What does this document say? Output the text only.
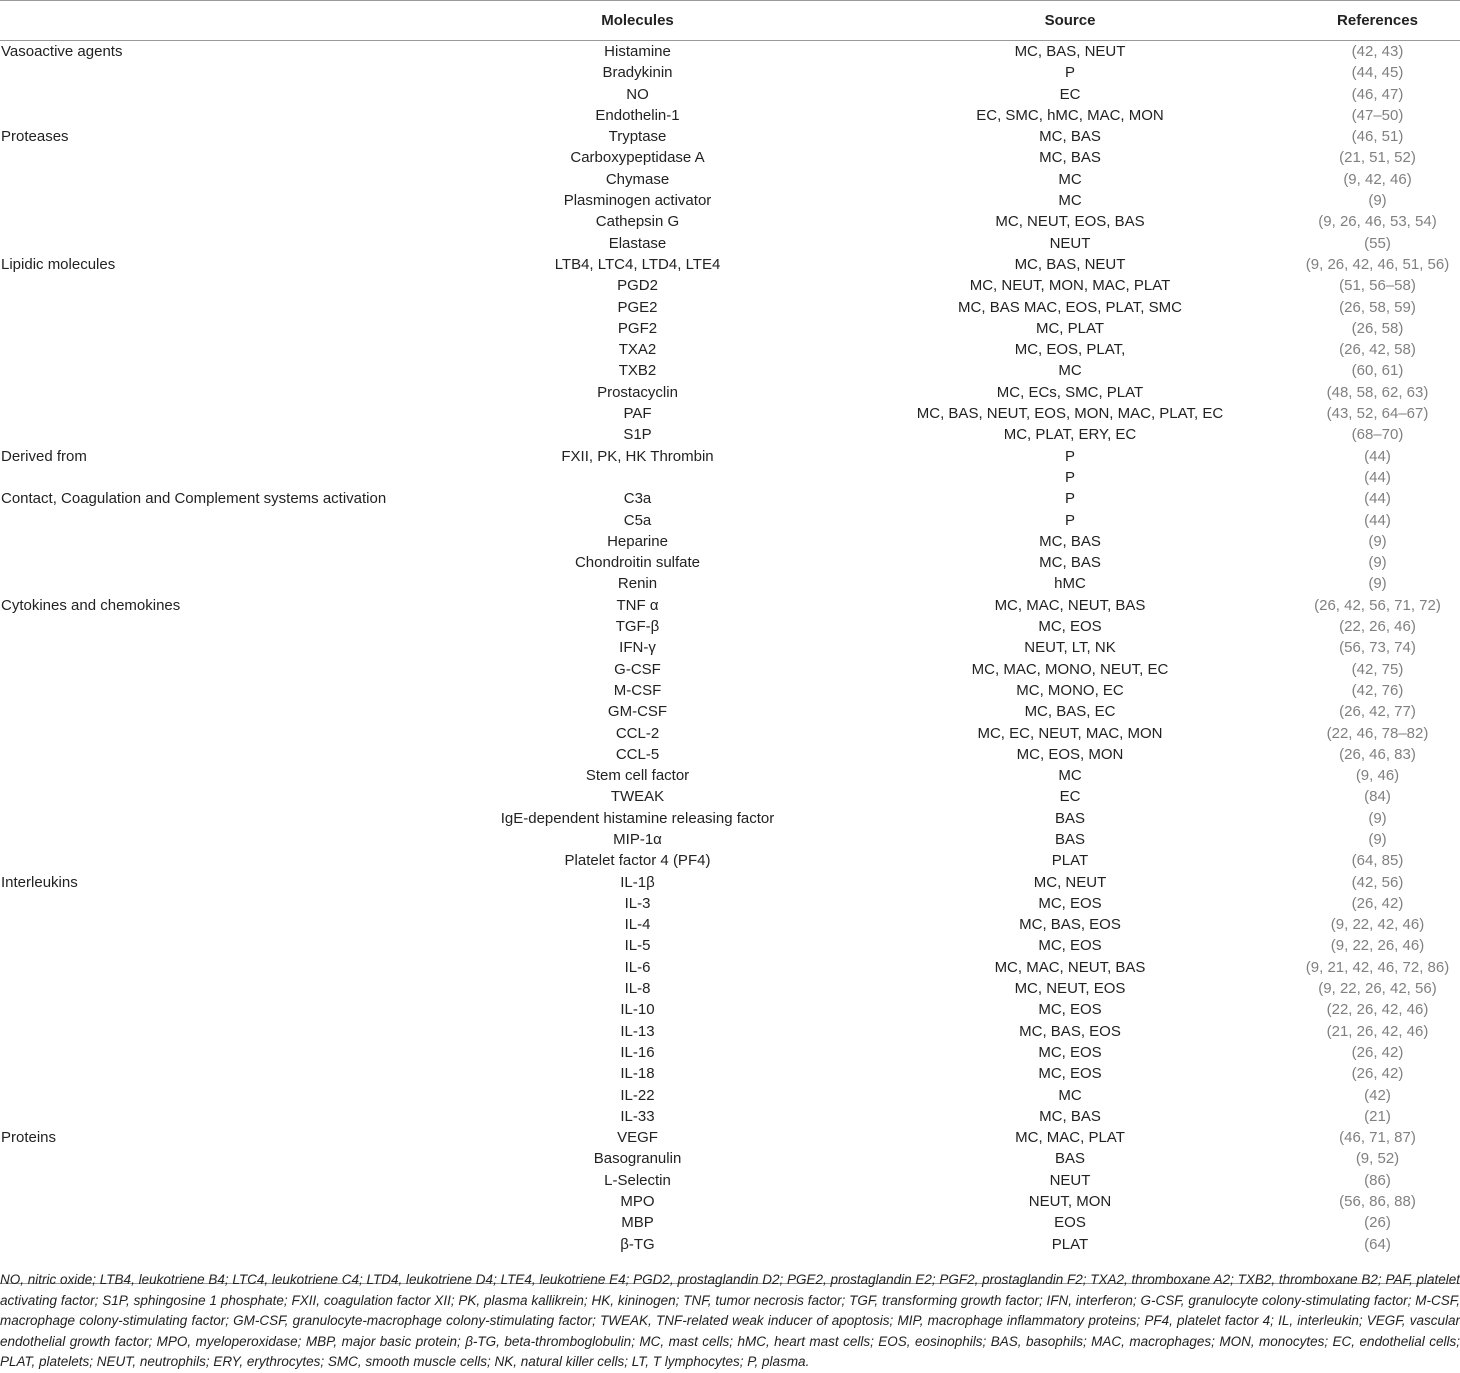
	Molecules	Source	References
Vasoactive agents	Histamine	MC, BAS, NEUT	(42, 43)
	Bradykinin	P	(44, 45)
	NO	EC	(46, 47)
	Endothelin-1	EC, SMC, hMC, MAC, MON	(47–50)
Proteases	Tryptase	MC, BAS	(46, 51)
	Carboxypeptidase A	MC, BAS	(21, 51, 52)
	Chymase	MC	(9, 42, 46)
	Plasminogen activator	MC	(9)
	Cathepsin G	MC, NEUT, EOS, BAS	(9, 26, 46, 53, 54)
	Elastase	NEUT	(55)
Lipidic molecules	LTB4, LTC4, LTD4, LTE4	MC, BAS, NEUT	(9, 26, 42, 46, 51, 56)
	PGD2	MC, NEUT, MON, MAC, PLAT	(51, 56–58)
	PGE2	MC, BAS MAC, EOS, PLAT, SMC	(26, 58, 59)
	PGF2	MC, PLAT	(26, 58)
	TXA2	MC, EOS, PLAT,	(26, 42, 58)
	TXB2	MC	(60, 61)
	Prostacyclin	MC, ECs, SMC, PLAT	(48, 58, 62, 63)
	PAF	MC, BAS, NEUT, EOS, MON, MAC, PLAT, EC	(43, 52, 64–67)
	S1P	MC, PLAT, ERY, EC	(68–70)
Derived from	FXII, PK, HK Thrombin	P	(44)
		P	(44)
Contact, Coagulation and Complement systems activation	C3a	P	(44)
	C5a	P	(44)
	Heparine	MC, BAS	(9)
	Chondroitin sulfate	MC, BAS	(9)
	Renin	hMC	(9)
Cytokines and chemokines	TNF α	MC, MAC, NEUT, BAS	(26, 42, 56, 71, 72)
	TGF-β	MC, EOS	(22, 26, 46)
	IFN-γ	NEUT, LT, NK	(56, 73, 74)
	G-CSF	MC, MAC, MONO, NEUT, EC	(42, 75)
	M-CSF	MC, MONO, EC	(42, 76)
	GM-CSF	MC, BAS, EC	(26, 42, 77)
	CCL-2	MC, EC, NEUT, MAC, MON	(22, 46, 78–82)
	CCL-5	MC, EOS, MON	(26, 46, 83)
	Stem cell factor	MC	(9, 46)
	TWEAK	EC	(84)
	IgE-dependent histamine releasing factor	BAS	(9)
	MIP-1α	BAS	(9)
	Platelet factor 4 (PF4)	PLAT	(64, 85)
Interleukins	IL-1β	MC, NEUT	(42, 56)
	IL-3	MC, EOS	(26, 42)
	IL-4	MC, BAS, EOS	(9, 22, 42, 46)
	IL-5	MC, EOS	(9, 22, 26, 46)
	IL-6	MC, MAC, NEUT, BAS	(9, 21, 42, 46, 72, 86)
	IL-8	MC, NEUT, EOS	(9, 22, 26, 42, 56)
	IL-10	MC, EOS	(22, 26, 42, 46)
	IL-13	MC, BAS, EOS	(21, 26, 42, 46)
	IL-16	MC, EOS	(26, 42)
	IL-18	MC, EOS	(26, 42)
	IL-22	MC	(42)
	IL-33	MC, BAS	(21)
Proteins	VEGF	MC, MAC, PLAT	(46, 71, 87)
	Basogranulin	BAS	(9, 52)
	L-Selectin	NEUT	(86)
	MPO	NEUT, MON	(56, 86, 88)
	MBP	EOS	(26)
	β-TG	PLAT	(64)

NO, nitric oxide; LTB4, leukotriene B4; LTC4, leukotriene C4; LTD4, leukotriene D4; LTE4, leukotriene E4; PGD2, prostaglandin D2; PGE2, prostaglandin E2; PGF2, prostaglandin F2; TXA2, thromboxane A2; TXB2, thromboxane B2; PAF, platelet activating factor; S1P, sphingosine 1 phosphate; FXII, coagulation factor XII; PK, plasma kallikrein; HK, kininogen; TNF, tumor necrosis factor; TGF, transforming growth factor; IFN, interferon; G-CSF, granulocyte colony-stimulating factor; M-CSF, macrophage colony-stimulating factor; GM-CSF, granulocyte-macrophage colony-stimulating factor; TWEAK, TNF-related weak inducer of apoptosis; MIP, macrophage inflammatory proteins; PF4, platelet factor 4; IL, interleukin; VEGF, vascular endothelial growth factor; MPO, myeloperoxidase; MBP, major basic protein; β-TG, beta-thromboglobulin; MC, mast cells; hMC, heart mast cells; EOS, eosinophils; BAS, basophils; MAC, macrophages; MON, monocytes; EC, endothelial cells; PLAT, platelets; NEUT, neutrophils; ERY, erythrocytes; SMC, smooth muscle cells; NK, natural killer cells; LT, T lymphocytes; P, plasma.
